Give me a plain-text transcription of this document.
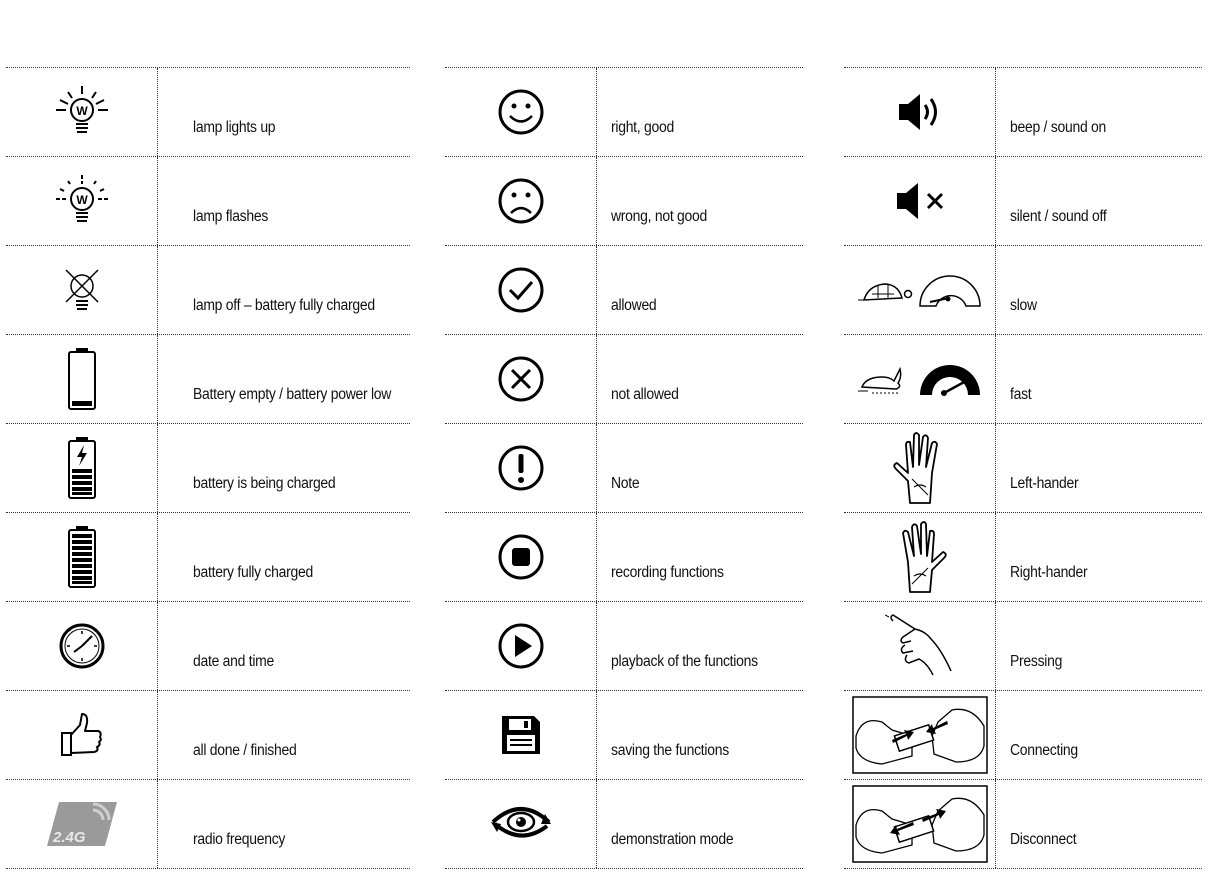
W
lamp lights up
W
lamp flashes
lamp off – battery fully charged
Battery empty / battery power low
battery is being charged
battery fully charged
date and time
all done / finished
2.4G	radio frequency
right, good
wrong, not good
allowed
not allowed
Note
recording functions
playback of the functions
saving the functions
demonstration mode
beep / sound on
silent / sound off
slow
fast
Left-hander
Right-hander
Pressing
Connecting
Disconnect
